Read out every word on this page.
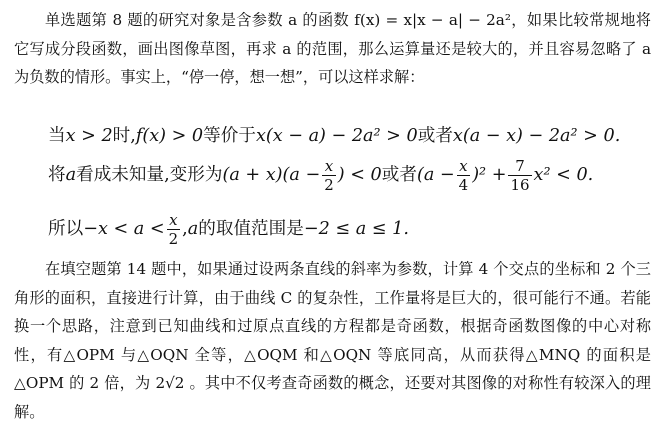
单选题第 8 题的研究对象是含参数 a 的函数 f(x) = x|x − a| − 2a²，如果比较常规地将它写成分段函数，画出图像草图，再求 a 的范围，那么运算量还是较大的，并且容易忽略了 a 为负数的情形。事实上，“停一停，想一想”，可以这样求解：

当x > 2时,f(x) > 0等价于x(x − a) − 2a² > 0或者x(a − x) − 2a² > 0.
将a看成未知量,变形为$(a + x)(a - \frac{x}{2}$ ) < 0或者$(a - \frac{x}{4} )^2 + \frac{7}{16} x^2 < 0$.
所以$-x < a < \frac{x}{2} ,a$的取值范围是−2 ≤ a ≤ 1.

在填空题第 14 题中，如果通过设两条直线的斜率为参数，计算 4 个交点的坐标和 2 个三角形的面积，直接进行计算，由于曲线 C 的复杂性，工作量将是巨大的，很可能行不通。若能换一个思路，注意到已知曲线和过原点直线的方程都是奇函数，根据奇函数图像的中心对称性，有△OPM 与△OQN 全等，△OQM 和△OQN 等底同高，从而获得△MNQ 的面积是△OPM 的 2 倍，为 2√2 。其中不仅考查奇函数的概念，还要对其图像的对称性有较深入的理解。
